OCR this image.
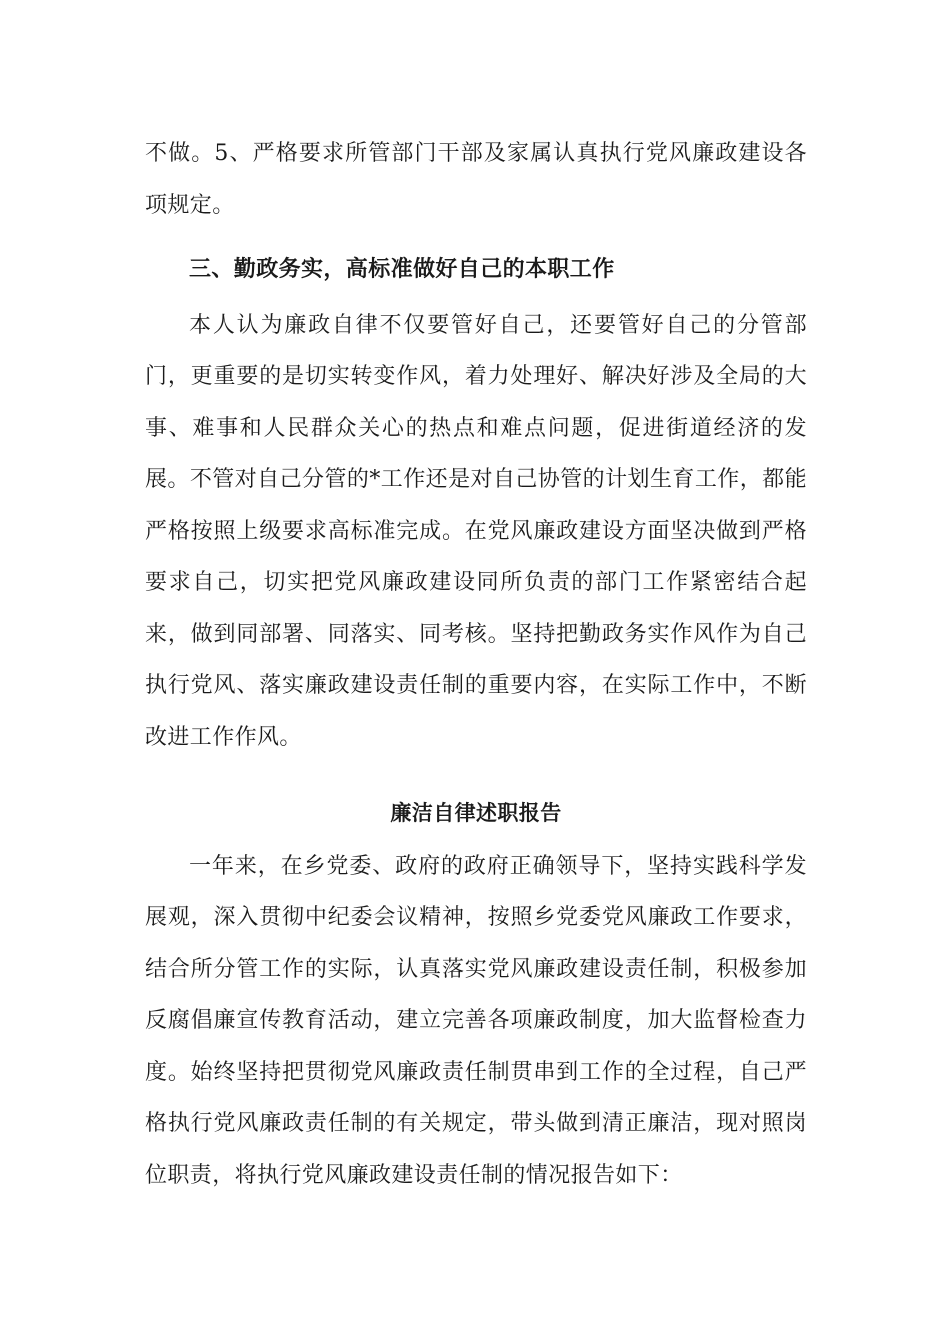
不做。5、严格要求所管部门干部及家属认真执行党风廉政建设各项规定。

三、勤政务实，高标准做好自己的本职工作

本人认为廉政自律不仅要管好自己，还要管好自己的分管部门，更重要的是切实转变作风，着力处理好、解决好涉及全局的大事、难事和人民群众关心的热点和难点问题，促进街道经济的发展。不管对自己分管的*工作还是对自己协管的计划生育工作，都能严格按照上级要求高标准完成。在党风廉政建设方面坚决做到严格要求自己，切实把党风廉政建设同所负责的部门工作紧密结合起来，做到同部署、同落实、同考核。坚持把勤政务实作风作为自己执行党风、落实廉政建设责任制的重要内容，在实际工作中，不断改进工作作风。

廉洁自律述职报告

一年来，在乡党委、政府的政府正确领导下，坚持实践科学发展观，深入贯彻中纪委会议精神，按照乡党委党风廉政工作要求，结合所分管工作的实际，认真落实党风廉政建设责任制，积极参加反腐倡廉宣传教育活动，建立完善各项廉政制度，加大监督检查力度。始终坚持把贯彻党风廉政责任制贯串到工作的全过程，自己严格执行党风廉政责任制的有关规定，带头做到清正廉洁，现对照岗位职责，将执行党风廉政建设责任制的情况报告如下：
